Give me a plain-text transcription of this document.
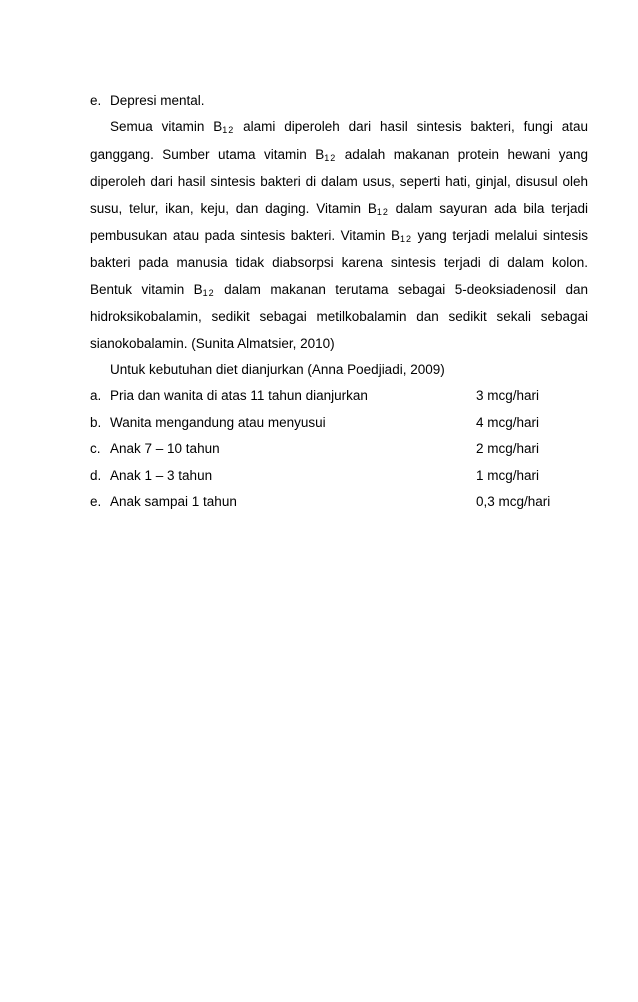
e. Depresi mental.

Semua vitamin $B_{12}$ alami diperoleh dari hasil sintesis bakteri, fungi atau ganggang. Sumber utama vitamin $B_{12}$ adalah makanan protein hewani yang diperoleh dari hasil sintesis bakteri di dalam usus, seperti hati, ginjal, disusul oleh susu, telur, ikan, keju, dan daging. Vitamin $B_{12}$ dalam sayuran ada bila terjadi pembusukan atau pada sintesis bakteri. Vitamin $B_{12}$ yang terjadi melalui sintesis bakteri pada manusia tidak diabsorpsi karena sintesis terjadi di dalam kolon. Bentuk vitamin $B_{12}$ dalam makanan terutama sebagai 5-deoksiadenosil dan hidroksikobalamin, sedikit sebagai metilkobalamin dan sedikit sekali sebagai sianokobalamin. (Sunita Almatsier, 2010)

Untuk kebutuhan diet dianjurkan (Anna Poedjiadi, 2009)
a. Pria dan wanita di atas 11 tahun dianjurkan	3 mcg/hari
b. Wanita mengandung atau menyusui	4 mcg/hari
c. Anak 7 – 10 tahun	2 mcg/hari
d. Anak 1 – 3 tahun	1 mcg/hari
e. Anak sampai 1 tahun	0,3 mcg/hari
